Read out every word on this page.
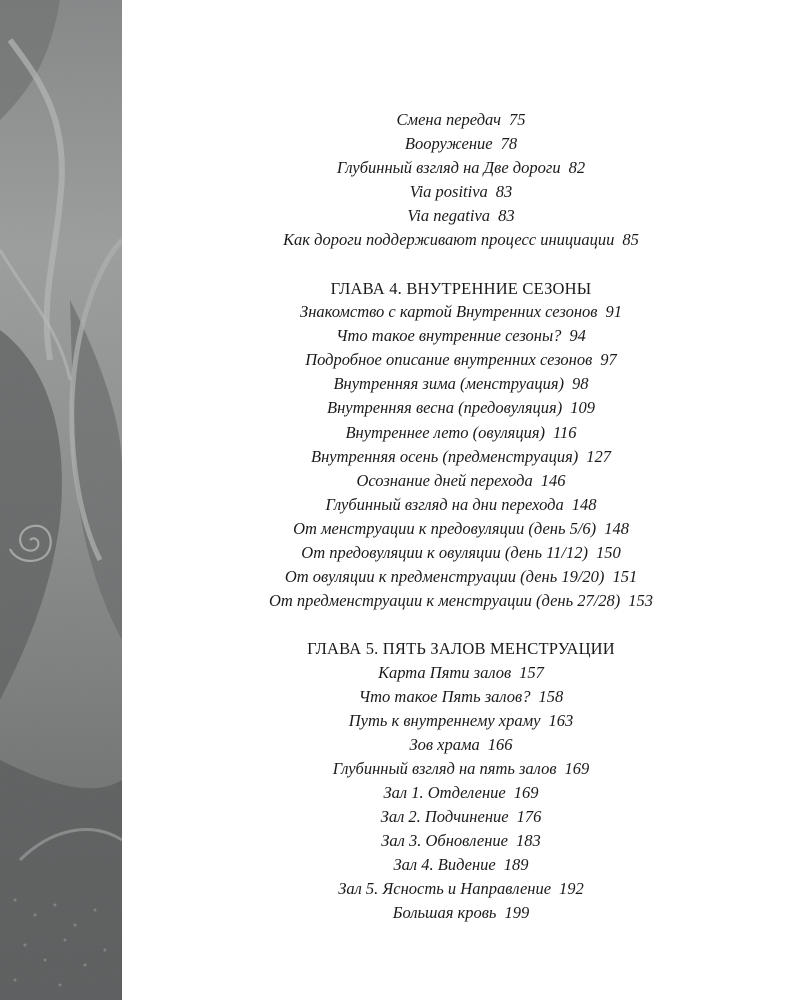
Смена передач 75
Вооружение 78
Глубинный взгляд на Две дороги 82
Via positiva 83
Via negativa 83
Как дороги поддерживают процесс инициации 85
ГЛАВА 4. ВНУТРЕННИЕ СЕЗОНЫ
Знакомство с картой Внутренних сезонов 91
Что такое внутренние сезоны? 94
Подробное описание внутренних сезонов 97
Внутренняя зима (менструация) 98
Внутренняя весна (предовуляция) 109
Внутреннее лето (овуляция) 116
Внутренняя осень (предменструация) 127
Осознание дней перехода 146
Глубинный взгляд на дни перехода 148
От менструации к предовуляции (день 5/6) 148
От предовуляции к овуляции (день 11/12) 150
От овуляции к предменструации (день 19/20) 151
От предменструации к менструации (день 27/28) 153
ГЛАВА 5. ПЯТЬ ЗАЛОВ МЕНСТРУАЦИИ
Карта Пяти залов 157
Что такое Пять залов? 158
Путь к внутреннему храму 163
Зов храма 166
Глубинный взгляд на пять залов 169
Зал 1. Отделение 169
Зал 2. Подчинение 176
Зал 3. Обновление 183
Зал 4. Видение 189
Зал 5. Ясность и Направление 192
Большая кровь 199
